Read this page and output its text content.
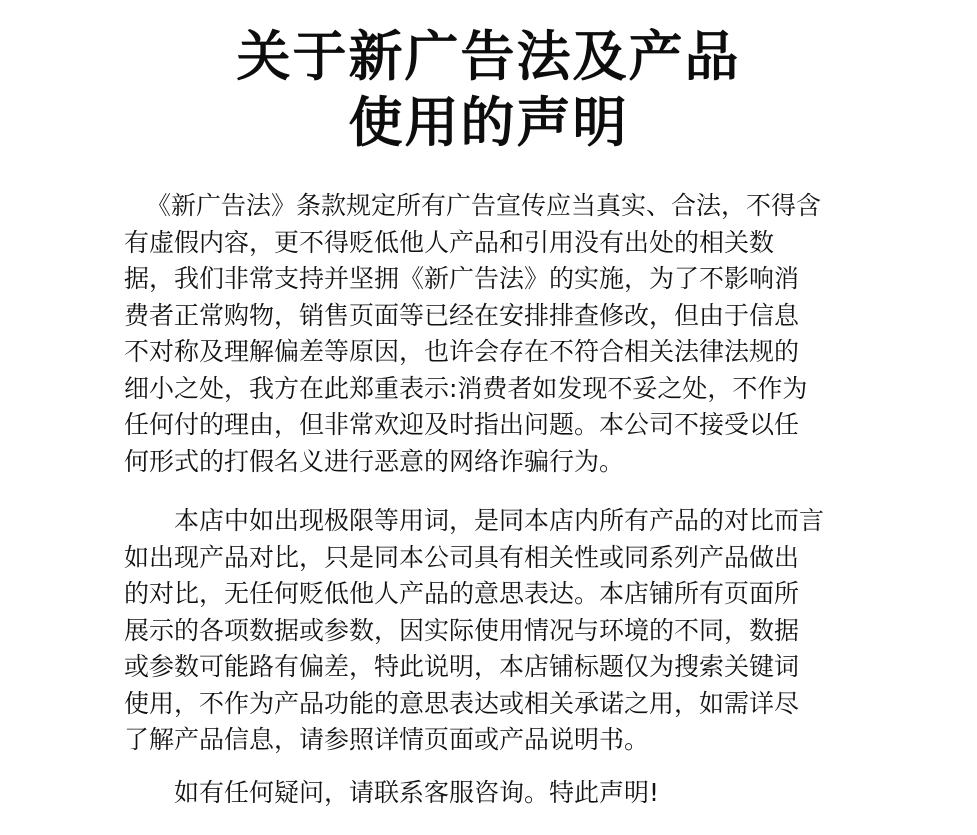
关于新广告法及产品
使用的声明
《新广告法》条款规定所有广告宣传应当真实、合法，不得含
有虚假内容，更不得贬低他人产品和引用没有出处的相关数
据，我们非常支持并坚拥《新广告法》的实施，为了不影响消
费者正常购物，销售页面等已经在安排排查修改，但由于信息
不对称及理解偏差等原因，也许会存在不符合相关法律法规的
细小之处，我方在此郑重表示:消费者如发现不妥之处，不作为
任何付的理由，但非常欢迎及时指出问题。本公司不接受以任
何形式的打假名义进行恶意的网络诈骗行为。
本店中如出现极限等用词，是同本店内所有产品的对比而言
如出现产品对比，只是同本公司具有相关性或同系列产品做出
的对比，无任何贬低他人产品的意思表达。本店铺所有页面所
展示的各项数据或参数，因实际使用情况与环境的不同，数据
或参数可能路有偏差，特此说明，本店铺标题仅为搜索关键词
使用，不作为产品功能的意思表达或相关承诺之用，如需详尽
了解产品信息，请参照详情页面或产品说明书。
如有任何疑问，请联系客服咨询。特此声明!
